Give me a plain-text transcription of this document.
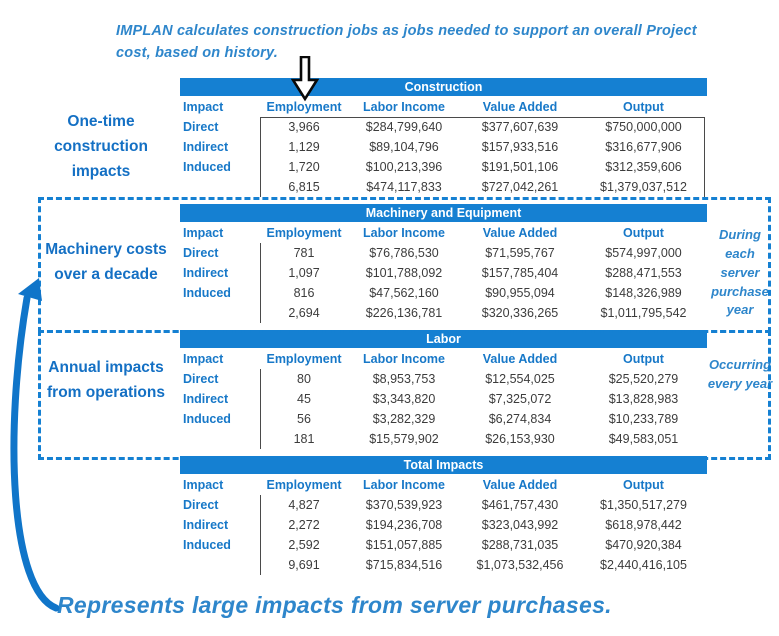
IMPLAN calculates construction jobs as jobs needed to support an overall Project cost, based on history.
One-time construction impacts
Machinery costs over a decade
Annual impacts from operations
During each server purchase year
Occurring every year
Construction
Impact	Employment	Labor Income	Value Added	Output
Direct	3,966	$284,799,640	$377,607,639	$750,000,000
Indirect	1,129	$89,104,796	$157,933,516	$316,677,906
Induced	1,720	$100,213,396	$191,501,106	$312,359,606
6,815	$474,117,833	$727,042,261	$1,379,037,512
Machinery and Equipment
Impact	Employment	Labor Income	Value Added	Output
Direct	781	$76,786,530	$71,595,767	$574,997,000
Indirect	1,097	$101,788,092	$157,785,404	$288,471,553
Induced	816	$47,562,160	$90,955,094	$148,326,989
2,694	$226,136,781	$320,336,265	$1,011,795,542
Labor
Impact	Employment	Labor Income	Value Added	Output
Direct	80	$8,953,753	$12,554,025	$25,520,279
Indirect	45	$3,343,820	$7,325,072	$13,828,983
Induced	56	$3,282,329	$6,274,834	$10,233,789
181	$15,579,902	$26,153,930	$49,583,051
Total Impacts
Impact	Employment	Labor Income	Value Added	Output
Direct	4,827	$370,539,923	$461,757,430	$1,350,517,279
Indirect	2,272	$194,236,708	$323,043,992	$618,978,442
Induced	2,592	$151,057,885	$288,731,035	$470,920,384
9,691	$715,834,516	$1,073,532,456	$2,440,416,105
Represents large impacts from server purchases.
